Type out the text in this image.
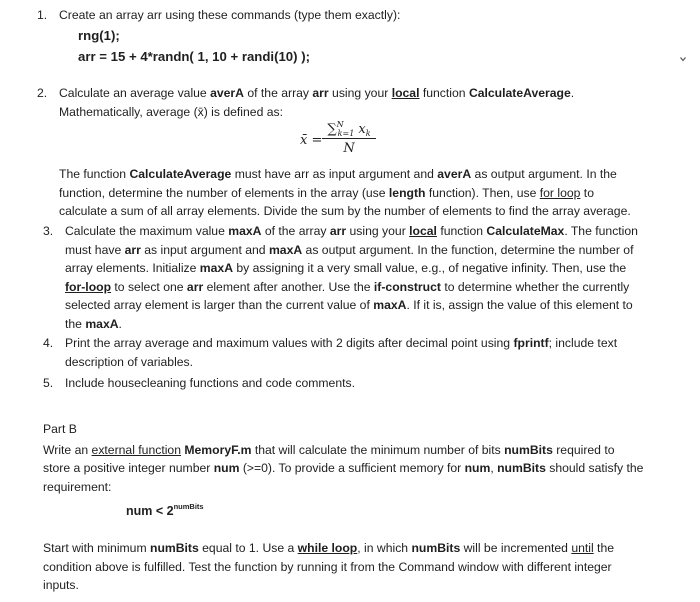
1. Create an array arr using these commands (type them exactly):
rng(1);
arr = 15 + 4*randn( 1, 10 + randi(10) );
2. Calculate an average value averA of the array arr using your local function CalculateAverage.
Mathematically, average (x̄) is defined as:
x̄ =
∑$^N_{k=1}$ $x_k$
N
The function CalculateAverage must have arr as input argument and averA as output argument. In the
function, determine the number of elements in the array (use length function). Then, use for loop to
calculate a sum of all array elements. Divide the sum by the number of elements to find the array average.
3. Calculate the maximum value maxA of the array arr using your local function CalculateMax. The function
must have arr as input argument and maxA as output argument. In the function, determine the number of
array elements. Initialize maxA by assigning it a very small value, e.g., of negative infinity. Then, use the
for-loop to select one arr element after another. Use the if-construct to determine whether the currently
selected array element is larger than the current value of maxA. If it is, assign the value of this element to
the maxA.
4. Print the array average and maximum values with 2 digits after decimal point using fprintf; include text
description of variables.
5. Include housecleaning functions and code comments.
Part B
Write an external function MemoryF.m that will calculate the minimum number of bits numBits required to
store a positive integer number num (>=0). To provide a sufficient memory for num, numBits should satisfy the
requirement:
num < $2^{numBits}$
Start with minimum numBits equal to 1. Use a while loop, in which numBits will be incremented until the
condition above is fulfilled. Test the function by running it from the Command window with different integer
inputs.
